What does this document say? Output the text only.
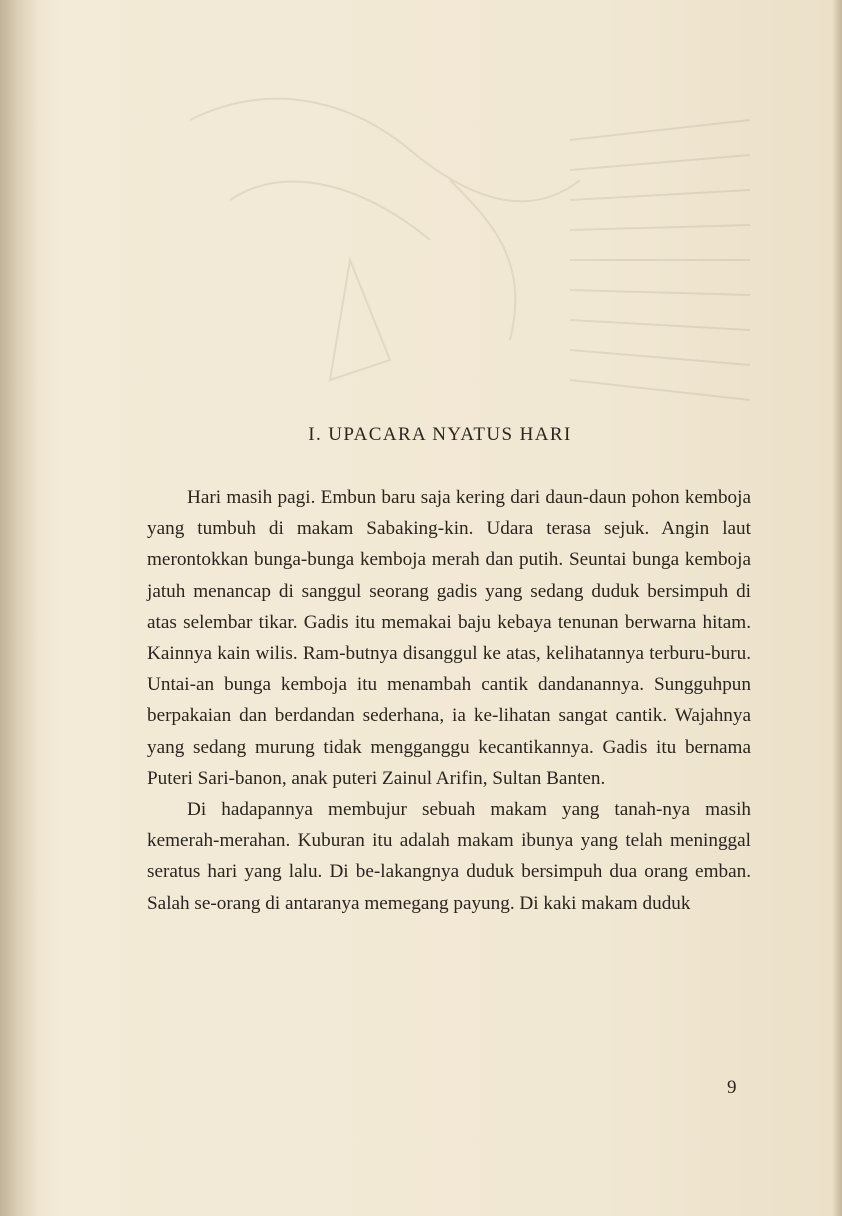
I. UPACARA NYATUS HARI

Hari masih pagi. Embun baru saja kering dari daun-daun pohon kemboja yang tumbuh di makam Sabaking-kin. Udara terasa sejuk. Angin laut merontokkan bunga-bunga kemboja merah dan putih. Seuntai bunga kemboja jatuh menancap di sanggul seorang gadis yang sedang duduk bersimpuh di atas selembar tikar. Gadis itu memakai baju kebaya tenunan berwarna hitam. Kainnya kain wilis. Ram-butnya disanggul ke atas, kelihatannya terburu-buru. Untai-an bunga kemboja itu menambah cantik dandanannya. Sungguhpun berpakaian dan berdandan sederhana, ia ke-lihatan sangat cantik. Wajahnya yang sedang murung tidak mengganggu kecantikannya. Gadis itu bernama Puteri Sari-banon, anak puteri Zainul Arifin, Sultan Banten.

Di hadapannya membujur sebuah makam yang tanah-nya masih kemerah-merahan. Kuburan itu adalah makam ibunya yang telah meninggal seratus hari yang lalu. Di be-lakangnya duduk bersimpuh dua orang emban. Salah se-orang di antaranya memegang payung. Di kaki makam duduk

9
